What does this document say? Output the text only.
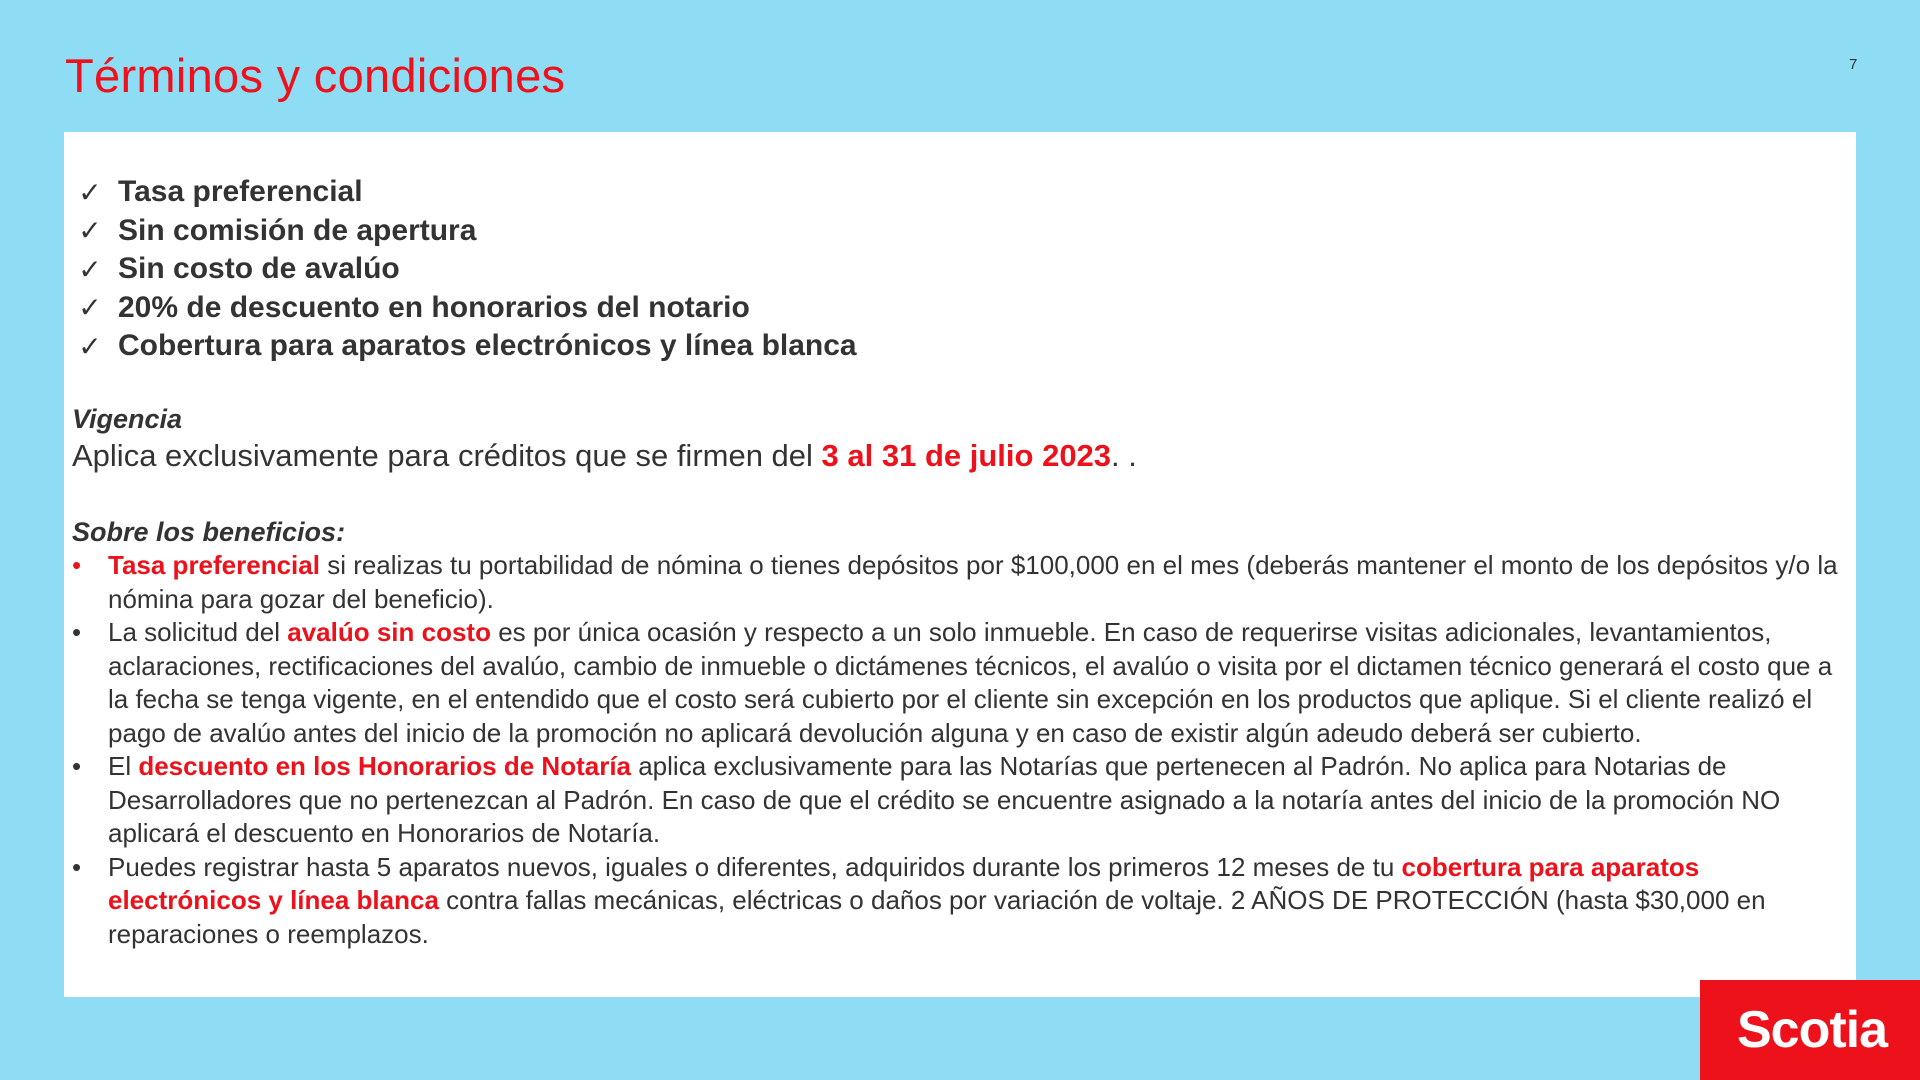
Términos y condiciones	7
✓ Tasa preferencial
✓ Sin comisión de apertura
✓ Sin costo de avalúo
✓ 20% de descuento en honorarios del notario
✓ Cobertura para aparatos electrónicos y línea blanca
Vigencia
Aplica exclusivamente para créditos que se firmen del 3 al 31 de julio 2023. .
Sobre los beneficios:
•	Tasa preferencial si realizas tu portabilidad de nómina o tienes depósitos por $100,000 en el mes (deberás mantener el monto de los depósitos y/o la nómina para gozar del beneficio).
•	La solicitud del avalúo sin costo es por única ocasión y respecto a un solo inmueble. En caso de requerirse visitas adicionales, levantamientos, aclaraciones, rectificaciones del avalúo, cambio de inmueble o dictámenes técnicos, el avalúo o visita por el dictamen técnico generará el costo que a la fecha se tenga vigente, en el entendido que el costo será cubierto por el cliente sin excepción en los productos que aplique. Si el cliente realizó el pago de avalúo antes del inicio de la promoción no aplicará devolución alguna y en caso de existir algún adeudo deberá ser cubierto.
•	El descuento en los Honorarios de Notaría aplica exclusivamente para las Notarías que pertenecen al Padrón. No aplica para Notarias de Desarrolladores que no pertenezcan al Padrón. En caso de que el crédito se encuentre asignado a la notaría antes del inicio de la promoción NO aplicará el descuento en Honorarios de Notaría.
•	Puedes registrar hasta 5 aparatos nuevos, iguales o diferentes, adquiridos durante los primeros 12 meses de tu cobertura para aparatos electrónicos y línea blanca contra fallas mecánicas, eléctricas o daños por variación de voltaje. 2 AÑOS DE PROTECCIÓN (hasta $30,000 en reparaciones o reemplazos.
Scotia
